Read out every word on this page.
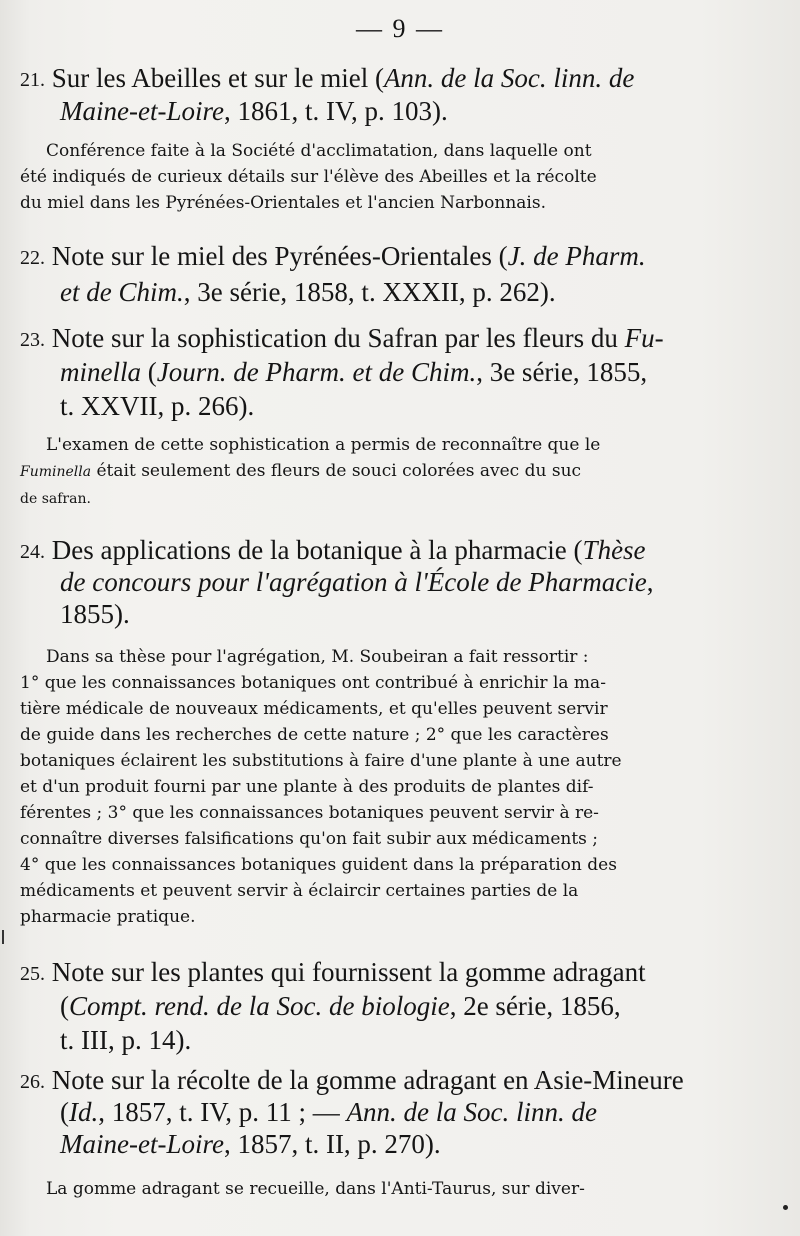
— 9 —
21. Sur les Abeilles et sur le miel (Ann. de la Soc. linn. de
Maine-et-Loire, 1861, t. IV, p. 103).
Conférence faite à la Société d'acclimatation, dans laquelle ont
été indiqués de curieux détails sur l'élève des Abeilles et la récolte
du miel dans les Pyrénées-Orientales et l'ancien Narbonnais.
22. Note sur le miel des Pyrénées-Orientales (J. de Pharm.
et de Chim., 3e série, 1858, t. XXXII, p. 262).
23. Note sur la sophistication du Safran par les fleurs du Fu-
minella (Journ. de Pharm. et de Chim., 3e série, 1855,
t. XXVII, p. 266).
L'examen de cette sophistication a permis de reconnaître que le
Fuminella était seulement des fleurs de souci colorées avec du suc
de safran.
24. Des applications de la botanique à la pharmacie (Thèse
de concours pour l'agrégation à l'École de Pharmacie,
1855).
Dans sa thèse pour l'agrégation, M. Soubeiran a fait ressortir :
1° que les connaissances botaniques ont contribué à enrichir la ma-
tière médicale de nouveaux médicaments, et qu'elles peuvent servir
de guide dans les recherches de cette nature ; 2° que les caractères
botaniques éclairent les substitutions à faire d'une plante à une autre
et d'un produit fourni par une plante à des produits de plantes dif-
férentes ; 3° que les connaissances botaniques peuvent servir à re-
connaître diverses falsifications qu'on fait subir aux médicaments ;
4° que les connaissances botaniques guident dans la préparation des
médicaments et peuvent servir à éclaircir certaines parties de la
pharmacie pratique.
25. Note sur les plantes qui fournissent la gomme adragant
(Compt. rend. de la Soc. de biologie, 2e série, 1856,
t. III, p. 14).
26. Note sur la récolte de la gomme adragant en Asie-Mineure
(Id., 1857, t. IV, p. 11 ; — Ann. de la Soc. linn. de
Maine-et-Loire, 1857, t. II, p. 270).
La gomme adragant se recueille, dans l'Anti-Taurus, sur diver-
